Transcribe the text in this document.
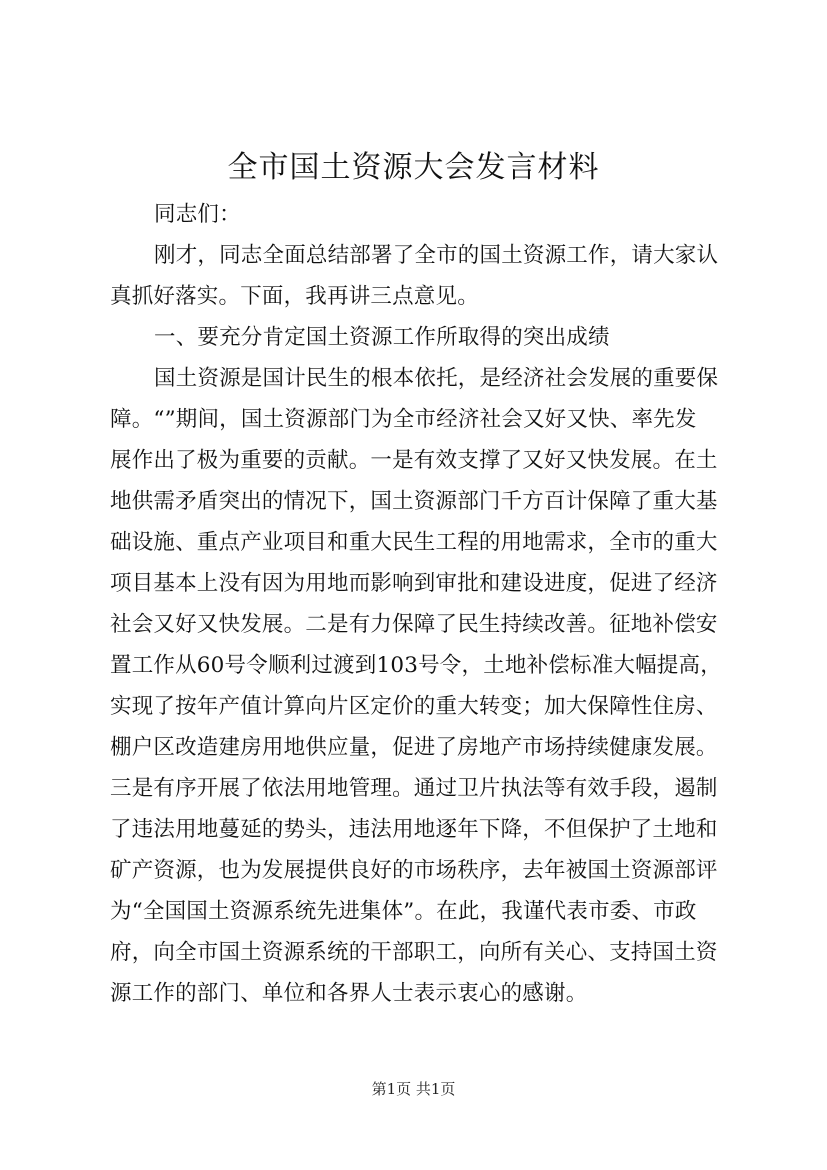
全市国土资源大会发言材料
同志们：
刚才，同志全面总结部署了全市的国土资源工作，请大家认
真抓好落实。下面，我再讲三点意见。
一、要充分肯定国土资源工作所取得的突出成绩
国土资源是国计民生的根本依托，是经济社会发展的重要保
障。“”期间，国土资源部门为全市经济社会又好又快、率先发
展作出了极为重要的贡献。一是有效支撑了又好又快发展。在土
地供需矛盾突出的情况下，国土资源部门千方百计保障了重大基
础设施、重点产业项目和重大民生工程的用地需求，全市的重大
项目基本上没有因为用地而影响到审批和建设进度，促进了经济
社会又好又快发展。二是有力保障了民生持续改善。征地补偿安
置工作从60号令顺利过渡到103号令，土地补偿标准大幅提高，
实现了按年产值计算向片区定价的重大转变；加大保障性住房、
棚户区改造建房用地供应量，促进了房地产市场持续健康发展。
三是有序开展了依法用地管理。通过卫片执法等有效手段，遏制
了违法用地蔓延的势头，违法用地逐年下降，不但保护了土地和
矿产资源，也为发展提供良好的市场秩序，去年被国土资源部评
为“全国国土资源系统先进集体”。在此，我谨代表市委、市政
府，向全市国土资源系统的干部职工，向所有关心、支持国土资
源工作的部门、单位和各界人士表示衷心的感谢。
第1页 共1页
